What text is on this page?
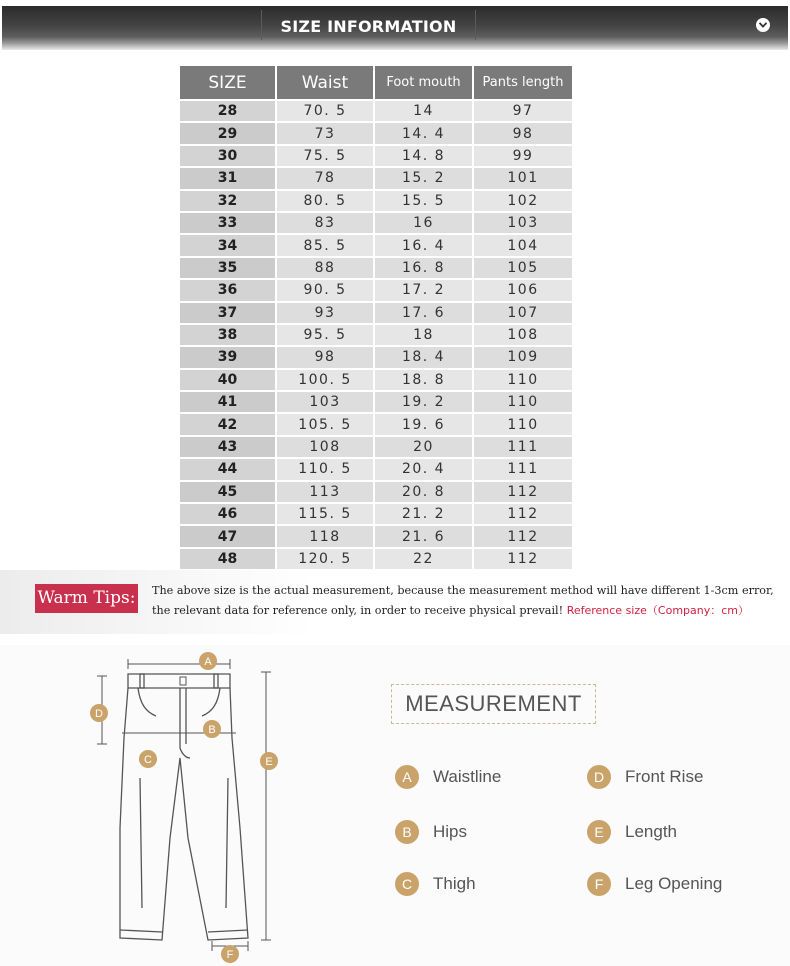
SIZE INFORMATION
SIZE	Waist	Foot mouth	Pants length
28	70. 5	14	97
29	73	14. 4	98
30	75. 5	14. 8	99
31	78	15. 2	101
32	80. 5	15. 5	102
33	83	16	103
34	85. 5	16. 4	104
35	88	16. 8	105
36	90. 5	17. 2	106
37	93	17. 6	107
38	95. 5	18	108
39	98	18. 4	109
40	100. 5	18. 8	110
41	103	19. 2	110
42	105. 5	19. 6	110
43	108	20	111
44	110. 5	20. 4	111
45	113	20. 8	112
46	115. 5	21. 2	112
47	118	21. 6	112
48	120. 5	22	112
Warm Tips: The above size is the actual measurement, because the measurement method will have different 1-3cm error,
the relevant data for reference only, in order to receive physical prevail! Reference size（Company：cm）
A
B
C
D
E
F
MEASUREMENT
A	Waistline
B	Hips
C	Thigh
D	Front Rise
E	Length
F	Leg Opening
